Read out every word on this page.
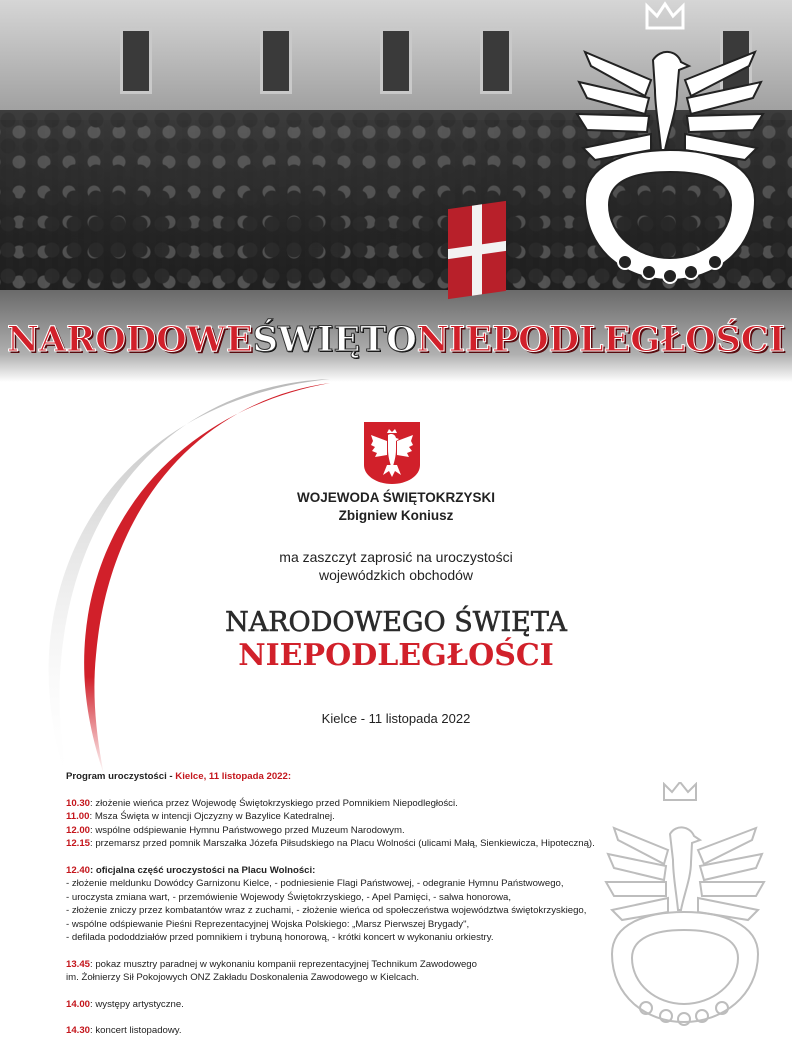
NARODOWEŚWIĘTONIEPODLEGŁOŚCI
WOJEWODA ŚWIĘTOKRZYSKI
Zbigniew Koniusz
ma zaszczyt zaprosić na uroczystości
wojewódzkich obchodów
NARODOWEGO ŚWIĘTA
NIEPODLEGŁOŚCI
Kielce - 11 listopada 2022
Program uroczystości - Kielce, 11 listopada 2022:
10.30: złożenie wieńca przez Wojewodę Świętokrzyskiego przed Pomnikiem Niepodległości.
11.00: Msza Święta w intencji Ojczyzny w Bazylice Katedralnej.
12.00: wspólne odśpiewanie Hymnu Państwowego przed Muzeum Narodowym.
12.15: przemarsz przed pomnik Marszałka Józefa Piłsudskiego na Placu Wolności (ulicami Małą, Sienkiewicza, Hipoteczną).
12.40: oficjalna część uroczystości na Placu Wolności:
- złożenie meldunku Dowódcy Garnizonu Kielce, - podniesienie Flagi Państwowej, - odegranie Hymnu Państwowego,
- uroczysta zmiana wart, - przemówienie Wojewody Świętokrzyskiego, - Apel Pamięci, - salwa honorowa,
- złożenie zniczy przez kombatantów wraz z zuchami, - złożenie wieńca od społeczeństwa województwa świętokrzyskiego,
- wspólne odśpiewanie Pieśni Reprezentacyjnej Wojska Polskiego: „Marsz Pierwszej Brygady",
- defilada pododdziałów przed pomnikiem i trybuną honorową, - krótki koncert w wykonaniu orkiestry.
13.45: pokaz musztry paradnej w wykonaniu kompanii reprezentacyjnej Technikum Zawodowego
im. Żołnierzy Sił Pokojowych ONZ Zakładu Doskonalenia Zawodowego w Kielcach.
14.00: występy artystyczne.
14.30: koncert listopadowy.
